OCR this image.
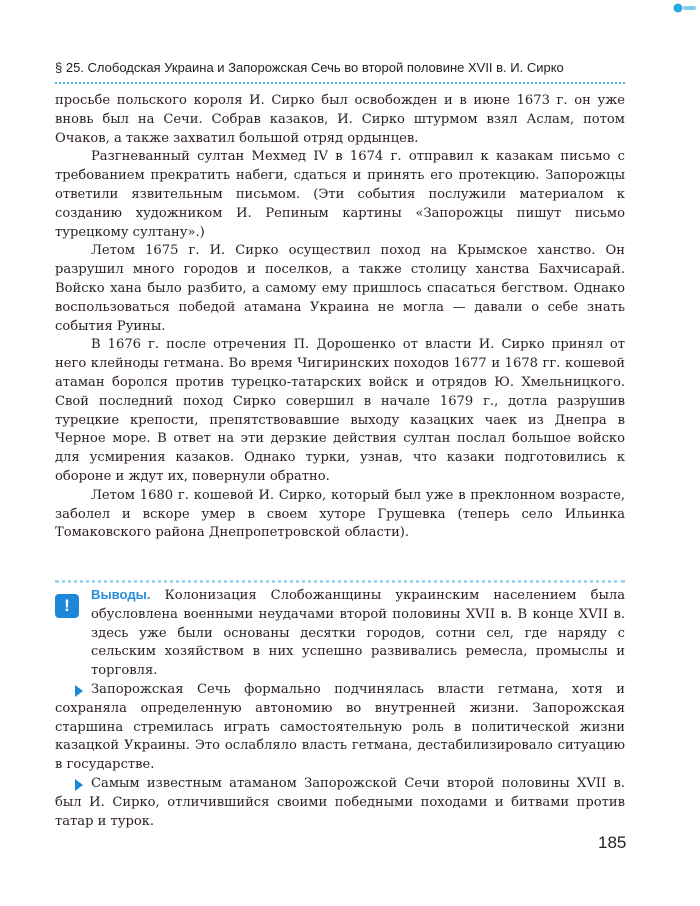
§ 25. Слободская Украина и Запорожская Сечь во второй половине XVII в. И. Сирко

просьбе польского короля И. Сирко был освобожден и в июне 1673 г. он уже вновь был на Сечи. Собрав казаков, И. Сирко штурмом взял Аслам, потом Очаков, а также захватил большой отряд ордынцев.

Разгневанный султан Мехмед IV в 1674 г. отправил к казакам письмо с требованием прекратить набеги, сдаться и принять его протекцию. Запорожцы ответили язвительным письмом. (Эти события послужили материалом к созданию художником И. Репиным картины «Запорожцы пишут письмо турецкому султану».)

Летом 1675 г. И. Сирко осуществил поход на Крымское ханство. Он разрушил много городов и поселков, а также столицу ханства Бахчисарай. Войско хана было разбито, а самому ему пришлось спасаться бегством. Однако воспользоваться победой атамана Украина не могла — давали о себе знать события Руины.

В 1676 г. после отречения П. Дорошенко от власти И. Сирко принял от него клейноды гетмана. Во время Чигиринских походов 1677 и 1678 гг. кошевой атаман боролся против турецко-татарских войск и отрядов Ю. Хмельницкого. Свой последний поход Сирко совершил в начале 1679 г., дотла разрушив турецкие крепости, препятствовавшие выходу казацких чаек из Днепра в Черное море. В ответ на эти дерзкие действия султан послал большое войско для усмирения казаков. Однако турки, узнав, что казаки подготовились к обороне и ждут их, повернули обратно.

Летом 1680 г. кошевой И. Сирко, который был уже в преклонном возрасте, заболел и вскоре умер в своем хуторе Грушевка (теперь село Ильинка Томаковского района Днепропетровской области).

!

Выводы. Колонизация Слобожанщины украинским населением была обусловлена военными неудачами второй половины XVII в. В конце XVII в. здесь уже были основаны десятки городов, сотни сел, где наряду с сельским хозяйством в них успешно развивались ремесла, промыслы и торговля.

Запорожская Сечь формально подчинялась власти гетмана, хотя и сохраняла определенную автономию во внутренней жизни. Запорожская старшина стремилась играть самостоятельную роль в политической жизни казацкой Украины. Это ослабляло власть гетмана, дестабилизировало ситуацию в государстве.

Самым известным атаманом Запорожской Сечи второй половины XVII в. был И. Сирко, отличившийся своими победными походами и битвами против татар и турок.

185
